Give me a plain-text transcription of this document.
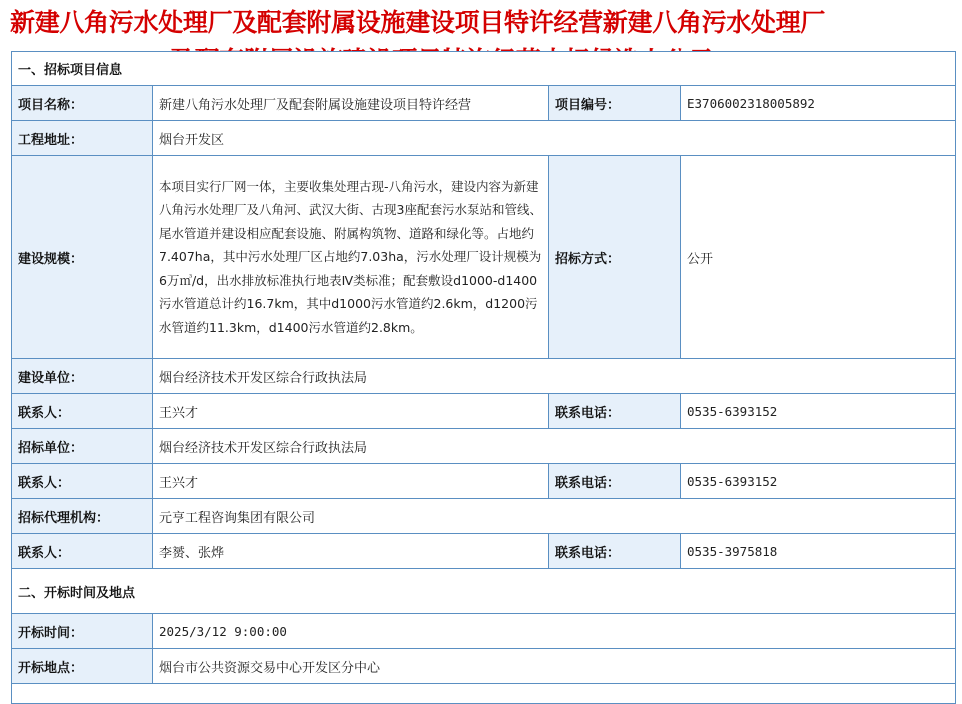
新建八角污水处理厂及配套附属设施建设项目特许经营新建八角污水处理厂
一、招标项目信息			
项目名称：	新建八角污水处理厂及配套附属设施建设项目特许经营	项目编号：	E3706002318005892
工程地址：	烟台开发区		
建设规模：	本项目实行厂网一体，主要收集处理古现-八角污水，建设内容为新建八角污水处理厂及八角河、武汉大街、古现3座配套污水泵站和管线、尾水管道并建设相应配套设施、附属构筑物、道路和绿化等。占地约7.407ha，其中污水处理厂区占地约7.03ha，污水处理厂设计规模为6万㎥/d，出水排放标准执行地表Ⅳ类标准；配套敷设d1000-d1400污水管道总计约16.7km，其中d1000污水管道约2.6km，d1200污水管道约11.3km，d1400污水管道约2.8km。	招标方式：	公开
建设单位：	烟台经济技术开发区综合行政执法局		
联系人：	王兴才	联系电话：	0535-6393152
招标单位：	烟台经济技术开发区综合行政执法局		
联系人：	王兴才	联系电话：	0535-6393152
招标代理机构：	元亨工程咨询集团有限公司		
联系人：	李赟、张烨	联系电话：	0535-3975818
二、开标时间及地点			
开标时间：	2025/3/12 9:00:00		
开标地点：	烟台市公共资源交易中心开发区分中心		
